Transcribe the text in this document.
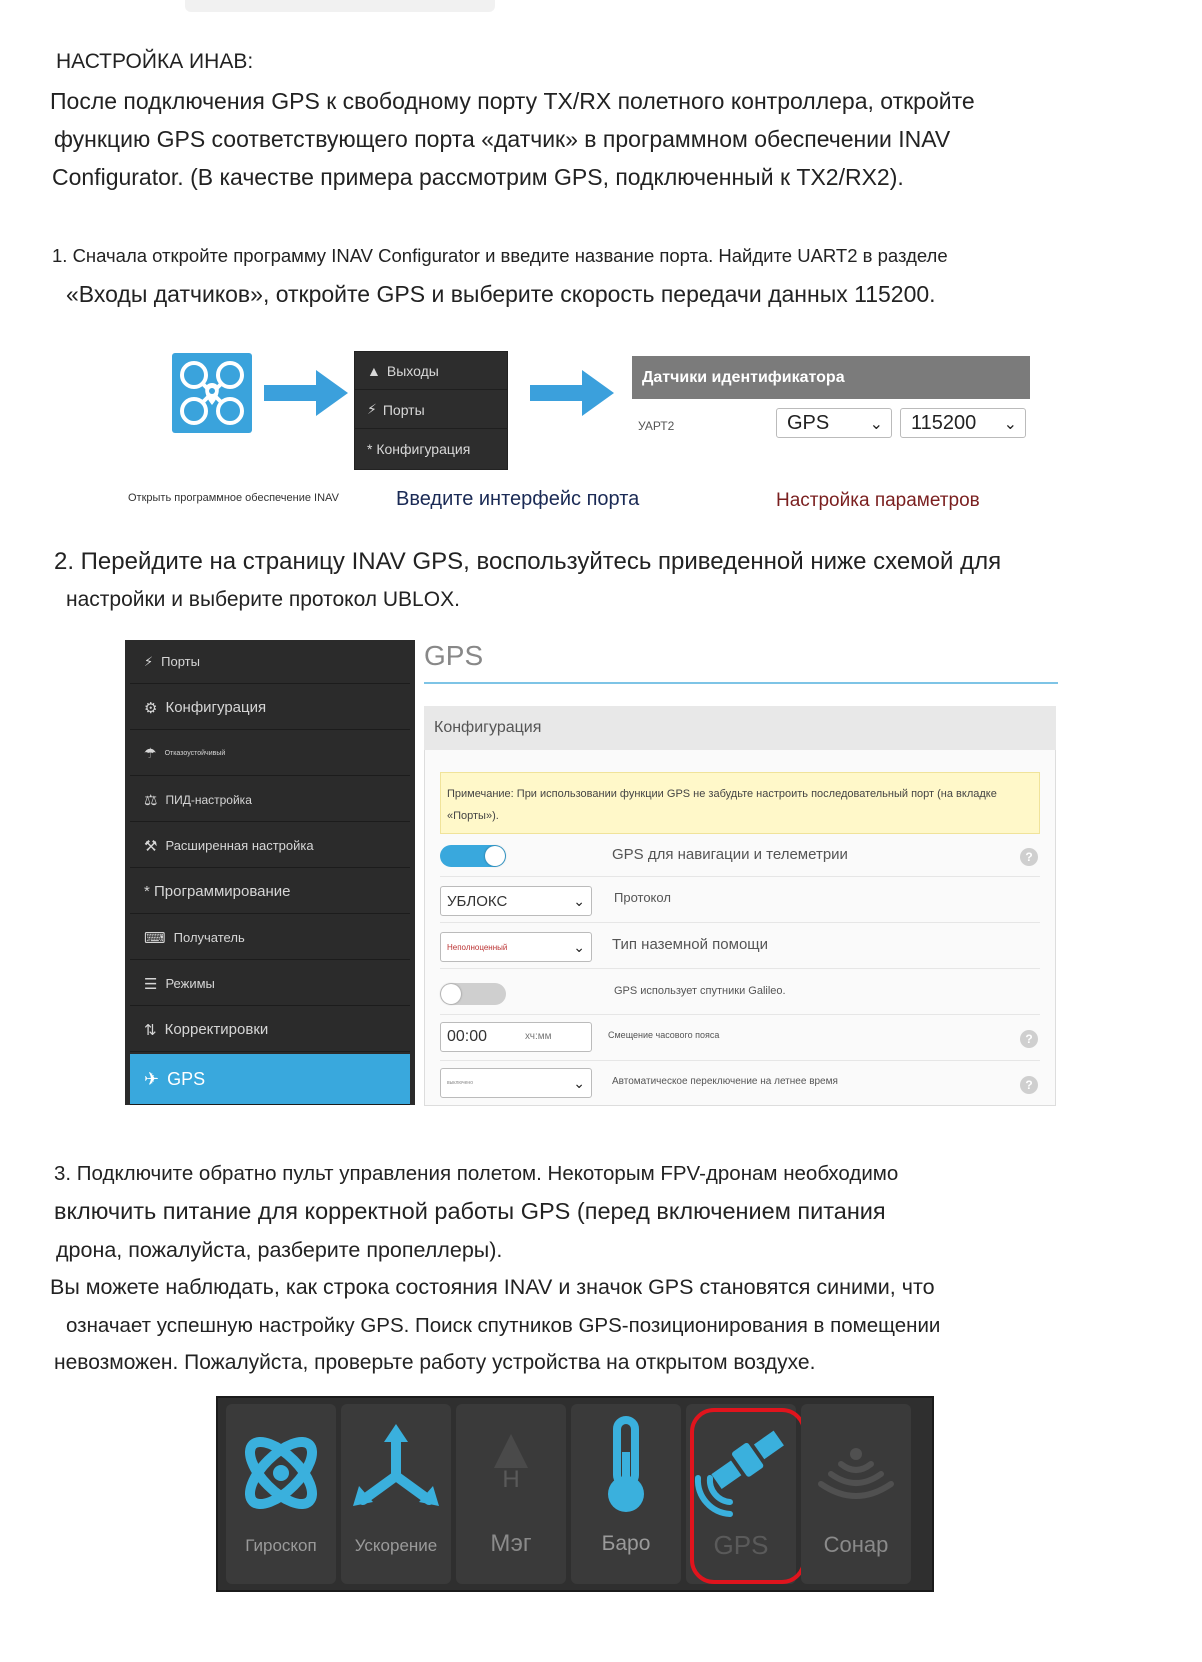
НАСТРОЙКА ИНАВ:
После подключения GPS к свободному порту TX/RX полетного контроллера, откройте
функцию GPS соответствующего порта «датчик» в программном обеспечении INAV
Configurator. (В качестве примера рассмотрим GPS, подключенный к TX2/RX2).
1. Сначала откройте программу INAV Configurator и введите название порта. Найдите UART2 в разделе
«Входы датчиков», откройте GPS и выберите скорость передачи данных 115200.
▲ Выходы
⚡ Порты
* Конфигурация
Датчики идентификатора
УАРТ2	GPS	⌄ 115200 ⌄
Открыть программное обеспечение INAV	Введите интерфейс порта	Настройка параметров
2. Перейдите на страницу INAV GPS, воспользуйтесь приведенной ниже схемой для
настройки и выберите протокол UBLOX.
⚡ Порты
⚙ Конфигурация
☂ Отказоустойчивый
⚖ ПИД-настройка
⚒ Расширенная настройка
* Программирование
⌨ Получатель
☰ Режимы
⇅ Корректировки
✈ GPS
GPS
Конфигурация
Примечание: При использовании функции GPS не забудьте настроить последовательный порт (на вкладке «Порты»).
GPS для навигации и телеметрии	?
УБЛОКС	⌄ Протокол
Неполноценный	⌄ Тип наземной помощи
GPS использует спутники Galileo.
00:00	хч:мм	Смещение часового пояса	?
выключено	⌄	Автоматическое переключение на летнее время	?
3. Подключите обратно пульт управления полетом. Некоторым FPV-дронам необходимо
включить питание для корректной работы GPS (перед включением питания
дрона, пожалуйста, разберите пропеллеры).
Вы можете наблюдать, как строка состояния INAV и значок GPS становятся синими, что
означает успешную настройку GPS. Поиск спутников GPS-позиционирования в помещении
невозможен. Пожалуйста, проверьте работу устройства на открытом воздухе.
Гироскоп	Ускорение
H
Мэг	Баро	GPS	Сонар
